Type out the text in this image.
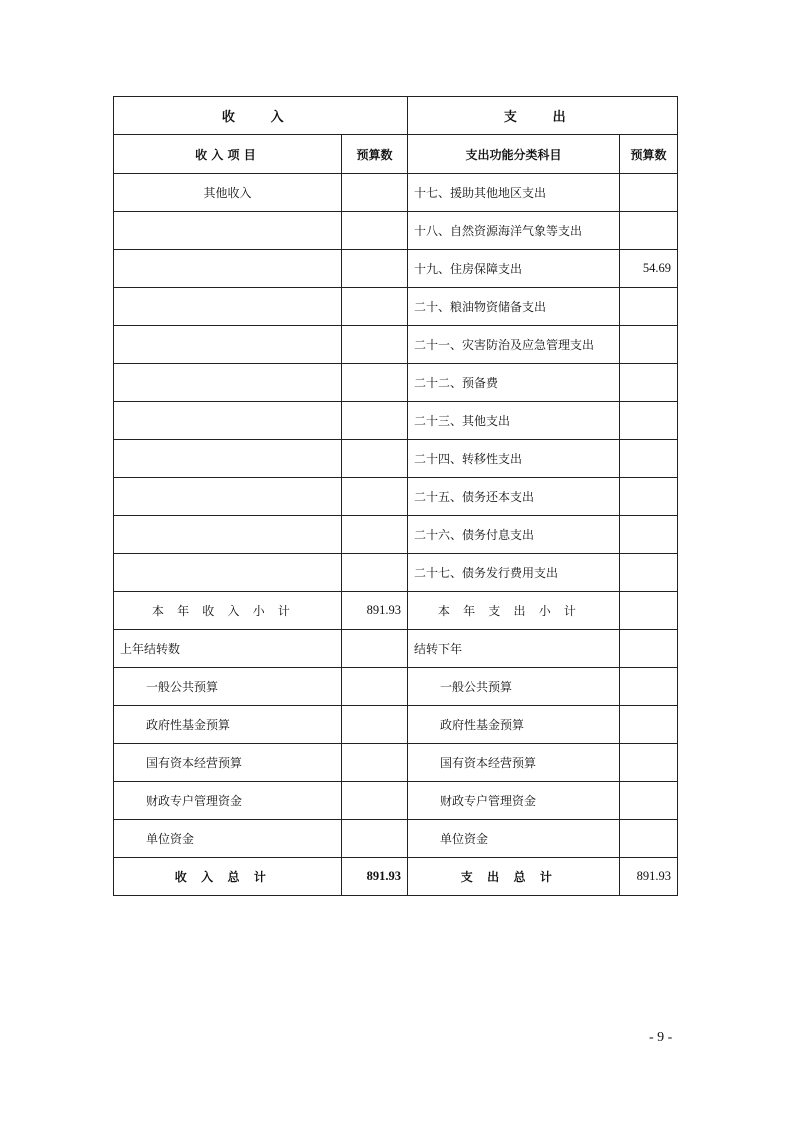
收 入		支 出	
收入项目	预算数	支出功能分类科目	预算数
其他收入		十七、援助其他地区支出	
		十八、自然资源海洋气象等支出	
		十九、住房保障支出	54.69
		二十、粮油物资储备支出	
		二十一、灾害防治及应急管理支出	
		二十二、预备费	
		二十三、其他支出	
		二十四、转移性支出	
		二十五、债务还本支出	
		二十六、债务付息支出	
		二十七、债务发行费用支出	
本年收入小计	891.93	本年支出小计	
上年结转数		结转下年	
一般公共预算		一般公共预算	
政府性基金预算		政府性基金预算	
国有资本经营预算		国有资本经营预算	
财政专户管理资金		财政专户管理资金	
单位资金		单位资金	
收入总计	891.93	支出总计	891.93
- 9 -
